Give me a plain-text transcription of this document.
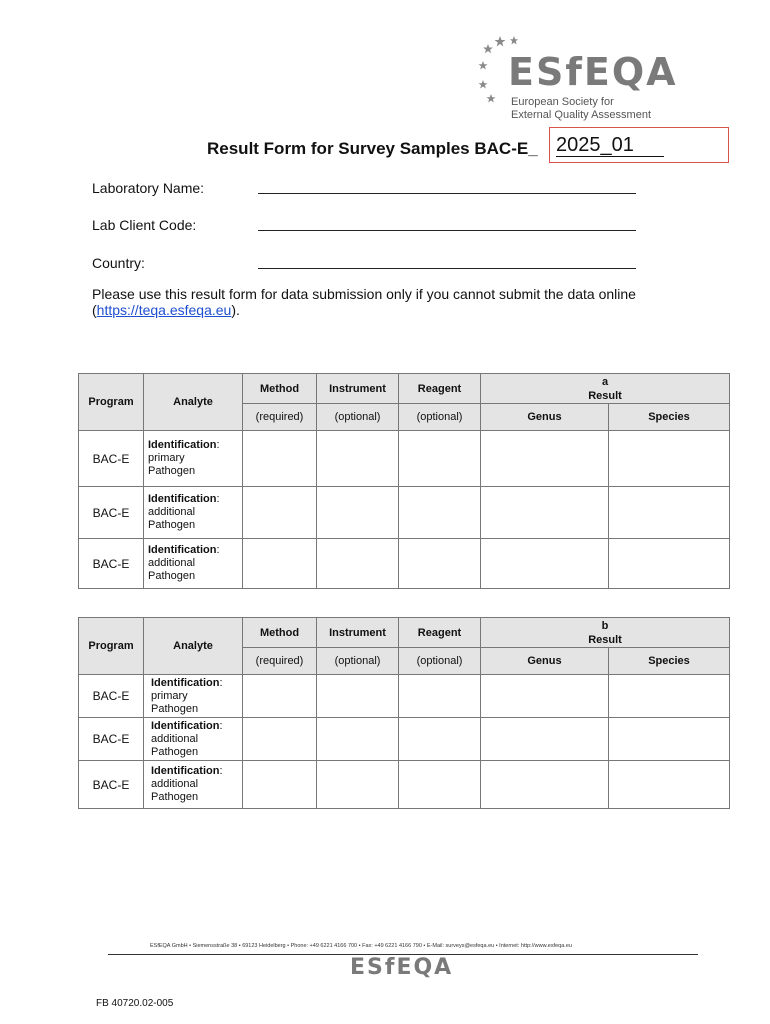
ESfEQA
European Society for
External Quality Assessment
Result Form for Survey Samples BAC-E_ 2025_01
Laboratory Name:
Lab Client Code:
Country:
Please use this result form for data submission only if you cannot submit the data online
(https://teqa.esfeqa.eu).
Program	Analyte	Method	Instrument	Reagent	a
Result	

		(required)	(optional)	(optional)	Genus	Species
BAC-E	Identification:
primary
Pathogen					
BAC-E	Identification:
additional
Pathogen					
BAC-E	Identification:
additional
Pathogen					
Program	Analyte	Method	Instrument	Reagent	b
Result	

		(required)	(optional)	(optional)	Genus	Species
BAC-E	Identification:
primary
Pathogen					
BAC-E	Identification:
additional
Pathogen					
BAC-E	Identification:
additional
Pathogen					
ESfEQA GmbH • Siemensstraße 38 • 69123 Heidelberg • Phone: +49 6221 4166 700 • Fax: +49 6221 4166 790 • E-Mail: surveys@esfeqa.eu • Internet: http://www.esfeqa.eu
ESfEQA
FB 40720.02-005
